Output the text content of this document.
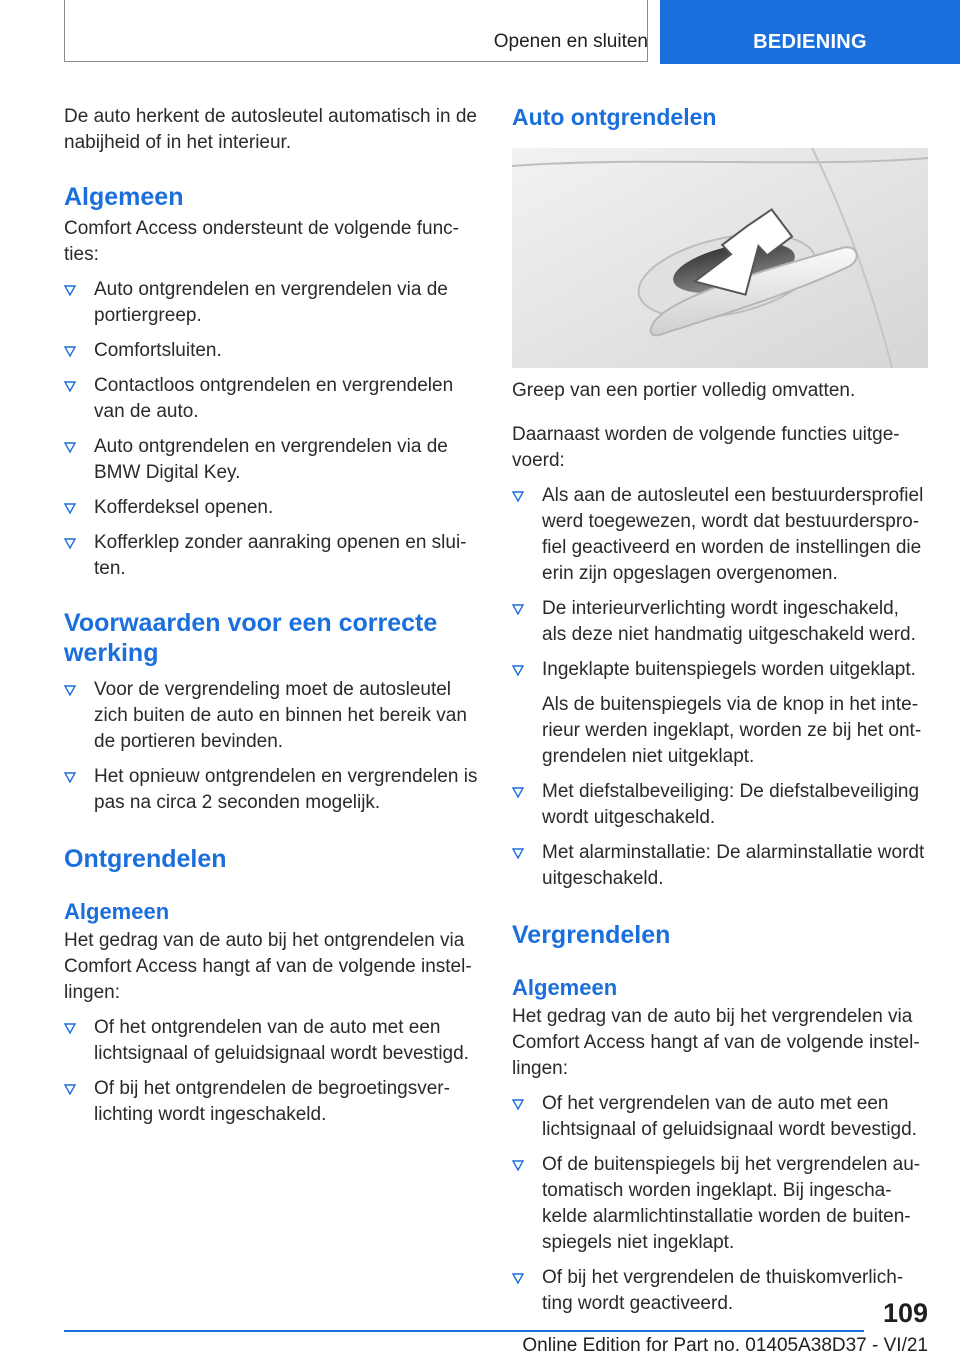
Openen en sluiten	BEDIENING

De auto herkent de autosleutel automatisch in de nabijheid of in het interieur.

Algemeen

Comfort Access ondersteunt de volgende func-ties:

Auto ontgrendelen en vergrendelen via de portiergreep.
Comfortsluiten.
Contactloos ontgrendelen en vergrendelen van de auto.
Auto ontgrendelen en vergrendelen via de BMW Digital Key.
Kofferdeksel openen.
Kofferklep zonder aanraking openen en slui-ten.
Voorwaarden voor een correcte werking
Voor de vergrendeling moet de autosleutel zich buiten de auto en binnen het bereik van de portieren bevinden.
Het opnieuw ontgrendelen en vergrendelen is pas na circa 2 seconden mogelijk.
Ontgrendelen
Algemeen

Het gedrag van de auto bij het ontgrendelen via Comfort Access hangt af van de volgende instel-lingen:

Of het ontgrendelen van de auto met een lichtsignaal of geluidsignaal wordt bevestigd.
Of bij het ontgrendelen de begroetingsver-lichting wordt ingeschakeld.
Auto ontgrendelen

Greep van een portier volledig omvatten.

Daarnaast worden de volgende functies uitge-voerd:

Als aan de autosleutel een bestuurdersprofiel werd toegewezen, wordt dat bestuurderspro-fiel geactiveerd en worden de instellingen die erin zijn opgeslagen overgenomen.
De interieurverlichting wordt ingeschakeld, als deze niet handmatig uitgeschakeld werd.
Ingeklapte buitenspiegels worden uitgeklapt.
Als de buitenspiegels via de knop in het inte-rieur werden ingeklapt, worden ze bij het ont-grendelen niet uitgeklapt.
Met diefstalbeveiliging: De diefstalbeveiliging wordt uitgeschakeld.
Met alarminstallatie: De alarminstallatie wordt uitgeschakeld.
Vergrendelen
Algemeen

Het gedrag van de auto bij het vergrendelen via Comfort Access hangt af van de volgende instel-lingen:

Of het vergrendelen van de auto met een lichtsignaal of geluidsignaal wordt bevestigd.
Of de buitenspiegels bij het vergrendelen au-tomatisch worden ingeklapt. Bij ingescha-kelde alarmlichtinstallatie worden de buiten-spiegels niet ingeklapt.
Of bij het vergrendelen de thuiskomverlich-ting wordt geactiveerd.	109
Online Edition for Part no. 01405A38D37 - VI/21
